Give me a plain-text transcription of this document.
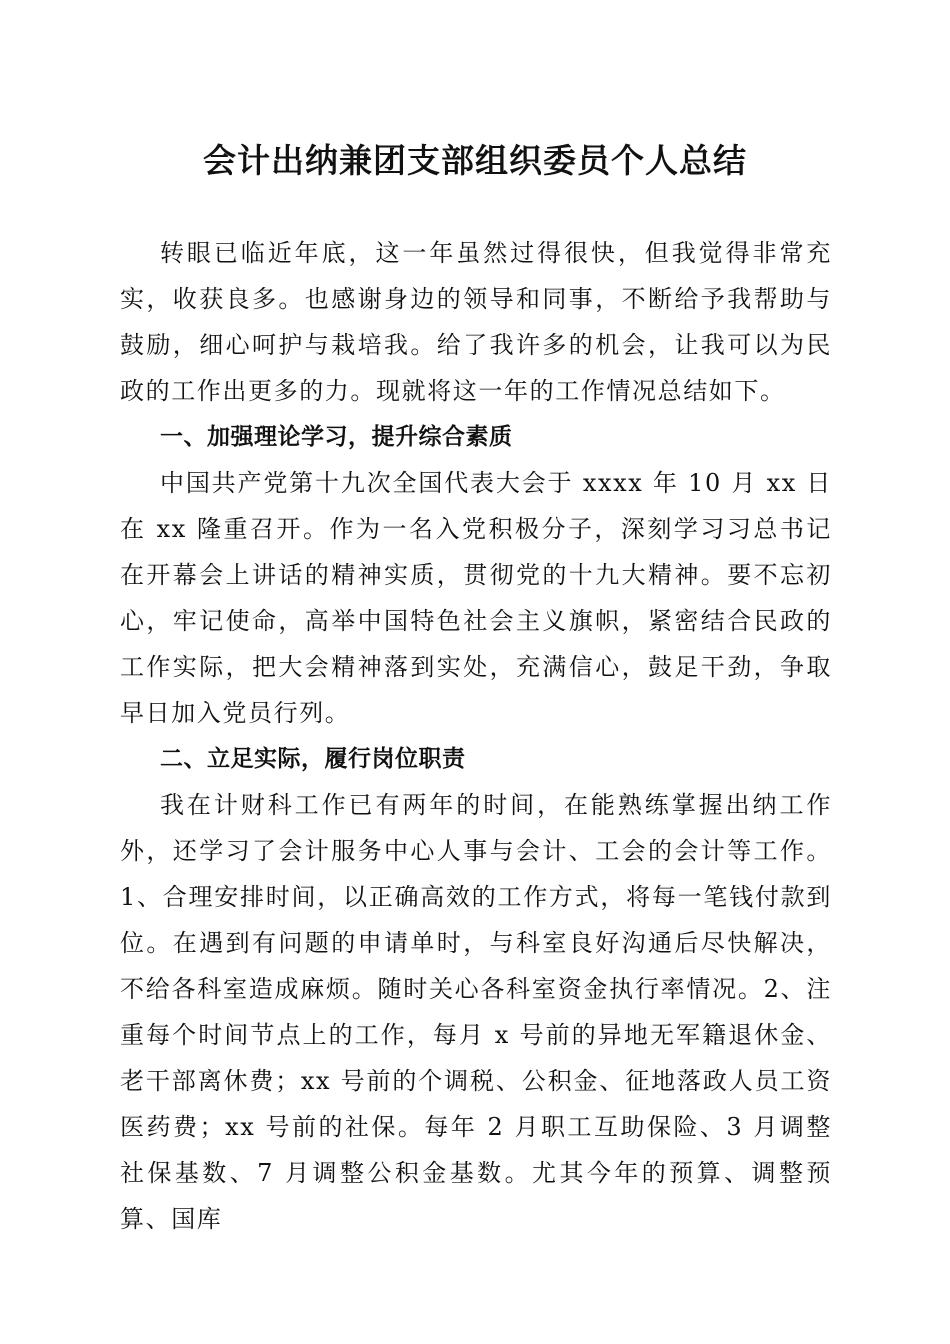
会计出纳兼团支部组织委员个人总结

转眼已临近年底，这一年虽然过得很快，但我觉得非常充实，收获良多。也感谢身边的领导和同事，不断给予我帮助与鼓励，细心呵护与栽培我。给了我许多的机会，让我可以为民政的工作出更多的力。现就将这一年的工作情况总结如下。

一、加强理论学习，提升综合素质

中国共产党第十九次全国代表大会于 xxxx 年 10 月 xx 日在 xx 隆重召开。作为一名入党积极分子，深刻学习习总书记在开幕会上讲话的精神实质，贯彻党的十九大精神。要不忘初心，牢记使命，高举中国特色社会主义旗帜，紧密结合民政的工作实际，把大会精神落到实处，充满信心，鼓足干劲，争取早日加入党员行列。

二、立足实际，履行岗位职责

我在计财科工作已有两年的时间，在能熟练掌握出纳工作外，还学习了会计服务中心人事与会计、工会的会计等工作。1、合理安排时间，以正确高效的工作方式，将每一笔钱付款到位。在遇到有问题的申请单时，与科室良好沟通后尽快解决，不给各科室造成麻烦。随时关心各科室资金执行率情况。2、注重每个时间节点上的工作，每月 x 号前的异地无军籍退休金、老干部离休费；xx 号前的个调税、公积金、征地落政人员工资医药费；xx 号前的社保。每年 2 月职工互助保险、3 月调整社保基数、7 月调整公积金基数。尤其今年的预算、调整预算、国库
